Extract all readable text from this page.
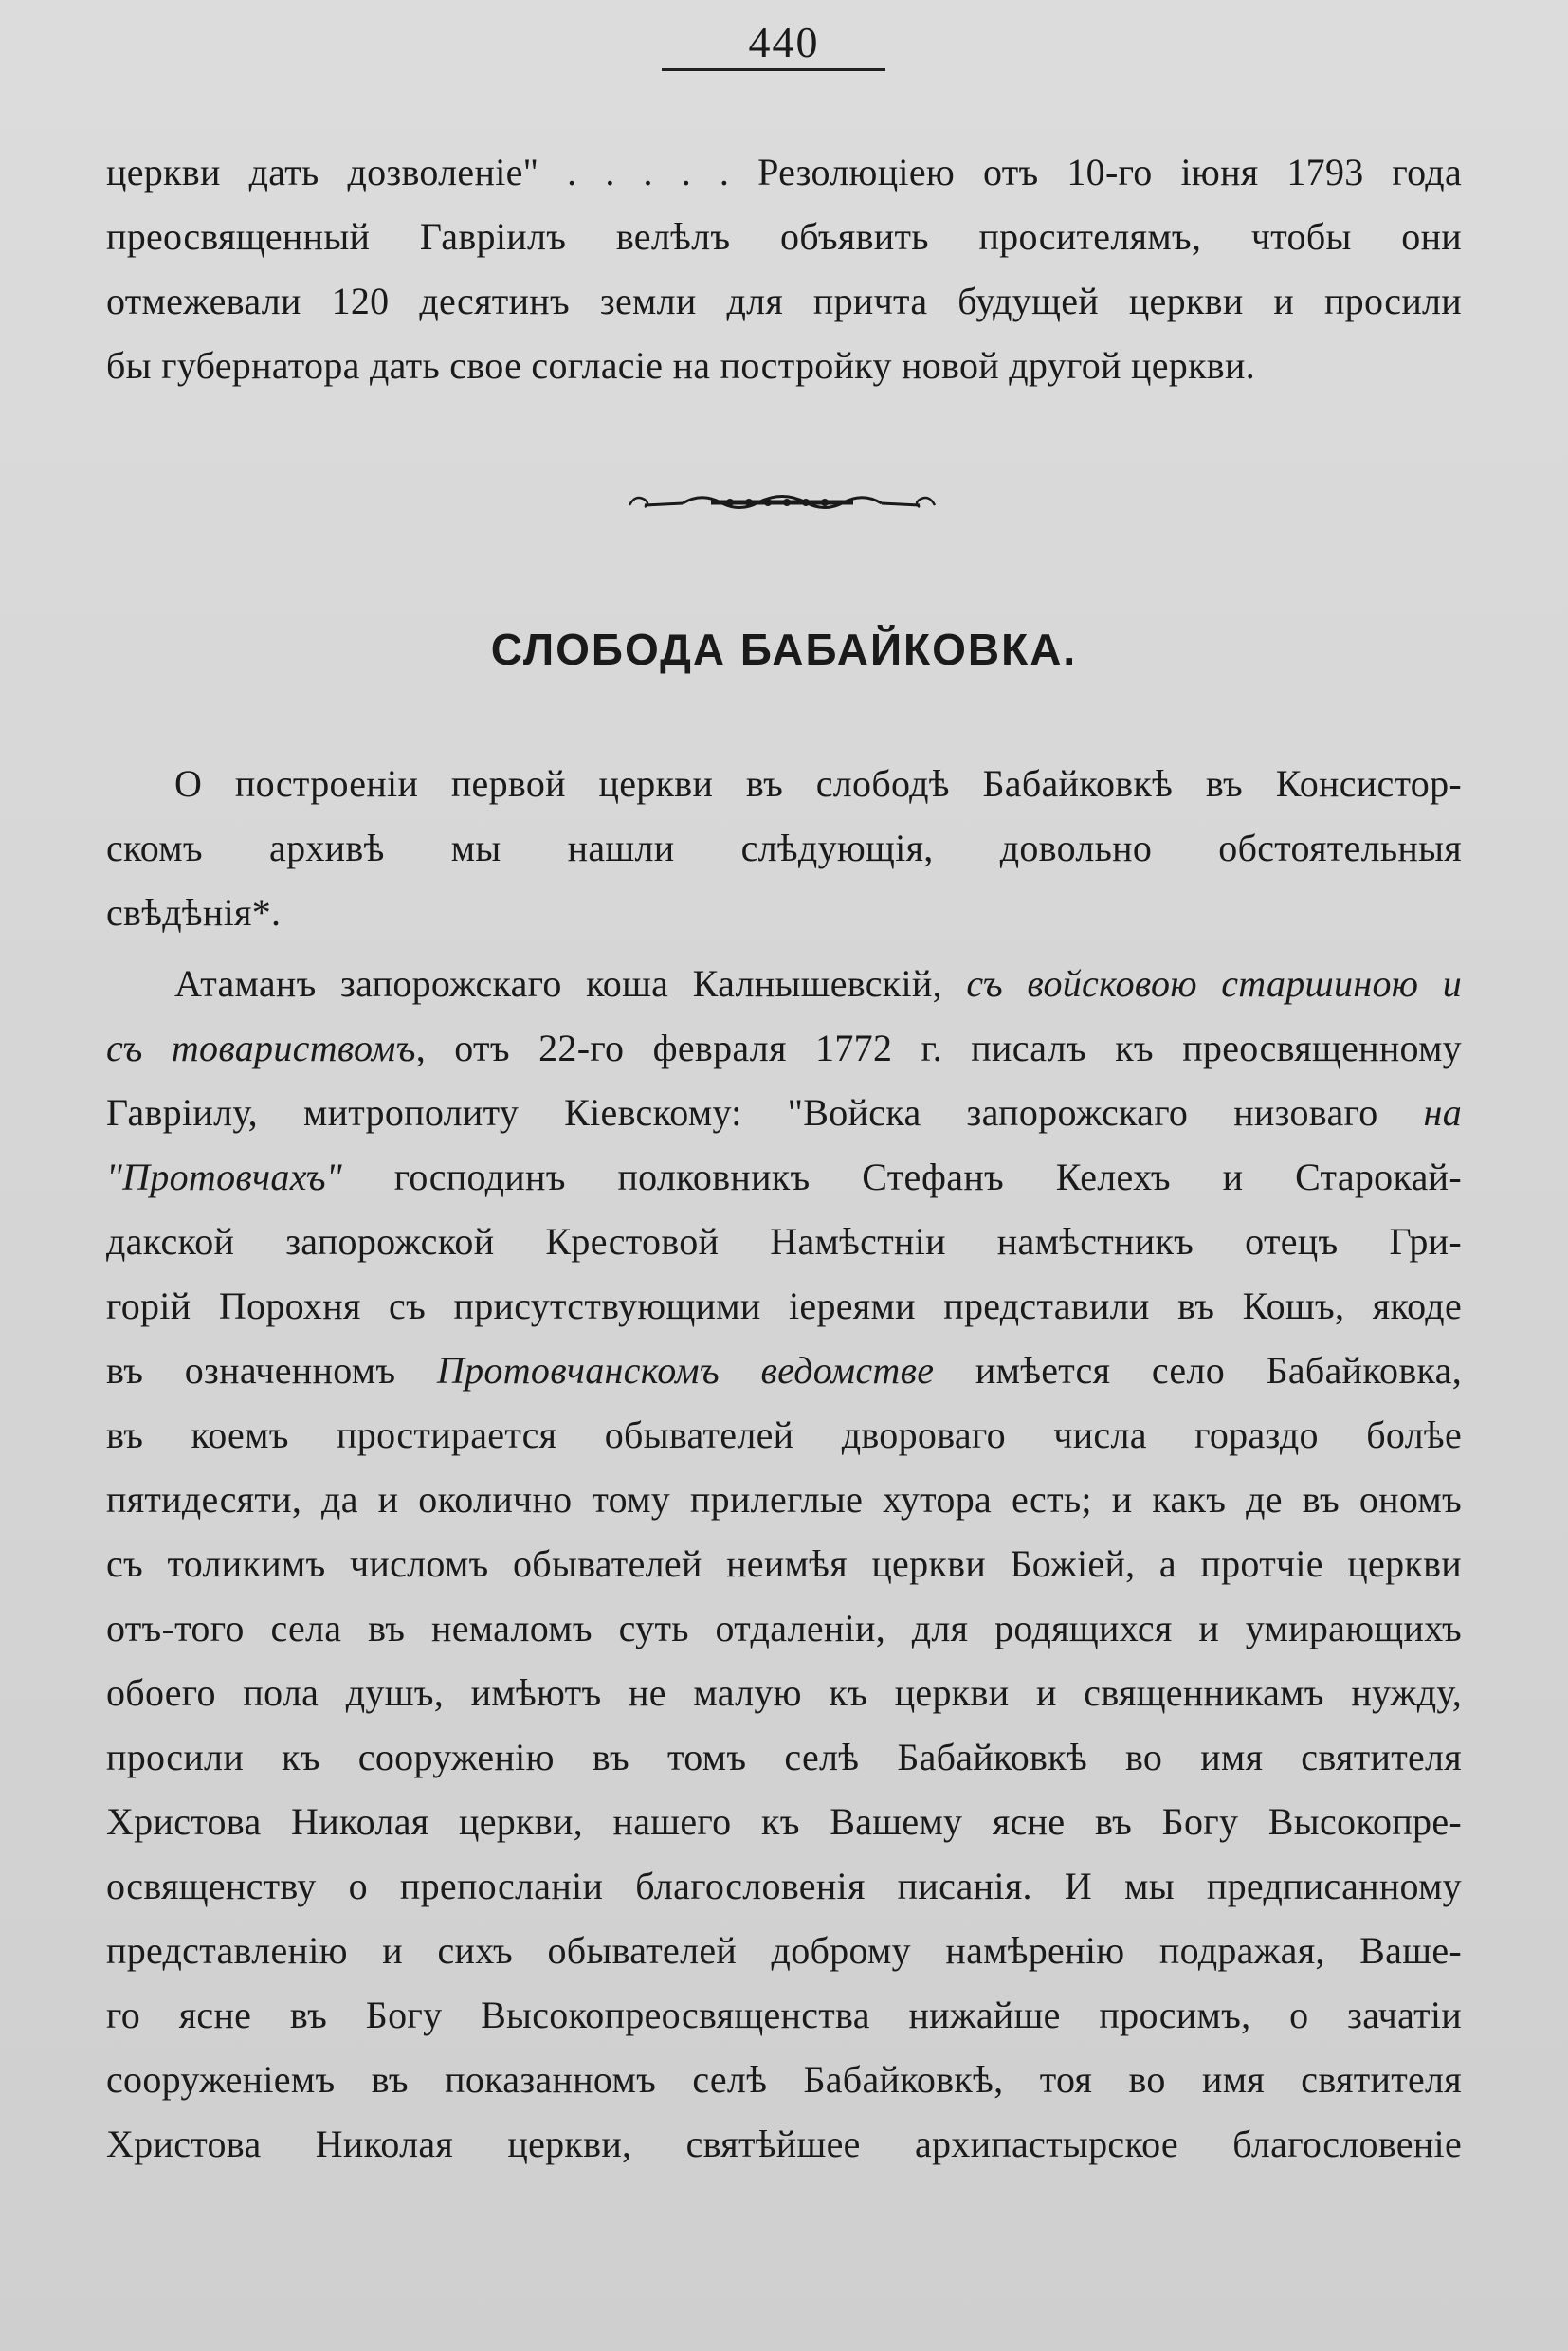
440
церкви дать дозволеніе" . . . . . Резолюціею отъ 10-го іюня 1793 года
преосвященный Гавріилъ велѣлъ объявить просителямъ, чтобы они
отмежевали 120 десятинъ земли для причта будущей церкви и просили
бы губернатора дать свое согласіе на постройку новой другой церкви.
СЛОБОДА БАБАЙКОВКА.
О построеніи первой церкви въ слободѣ Бабайковкѣ въ Консистор-
скомъ архивѣ мы нашли слѣдующія, довольно обстоятельныя
свѣдѣнія*.
Атаманъ запорожскаго коша Калнышевскій, съ войсковою старшиною и
съ товариствомъ, отъ 22-го февраля 1772 г. писалъ къ преосвященному
Гавріилу, митрополиту Кіевскому: "Войска запорожскаго низоваго на
"Протовчахъ" господинъ полковникъ Стефанъ Келехъ и Старокай-
дакской запорожской Крестовой Намѣстніи намѣстникъ отецъ Гри-
горій Порохня съ присутствующими іереями представили въ Кошъ, якоде
въ означенномъ Протовчанскомъ ведомстве имѣется село Бабайковка,
въ коемъ простирается обывателей двороваго числа гораздо болѣе
пятидесяти, да и околично тому прилеглые хутора есть; и какъ де въ ономъ
съ толикимъ числомъ обывателей неимѣя церкви Божіей, а протчіе церкви
отъ-того села въ немаломъ суть отдаленіи, для родящихся и умирающихъ
обоего пола душъ, имѣютъ не малую къ церкви и священникамъ нужду,
просили къ сооруженію въ томъ селѣ Бабайковкѣ во имя святителя
Христова Николая церкви, нашего къ Вашему ясне въ Богу Высокопре-
освященству о препосланіи благословенія писанія. И мы предписанному
представленію и сихъ обывателей доброму намѣренію подражая, Ваше-
го ясне въ Богу Высокопреосвященства нижайше просимъ, о зачатіи
сооруженіемъ въ показанномъ селѣ Бабайковкѣ, тоя во имя святителя
Христова Николая церкви, святѣйшее архипастырское благословеніе
